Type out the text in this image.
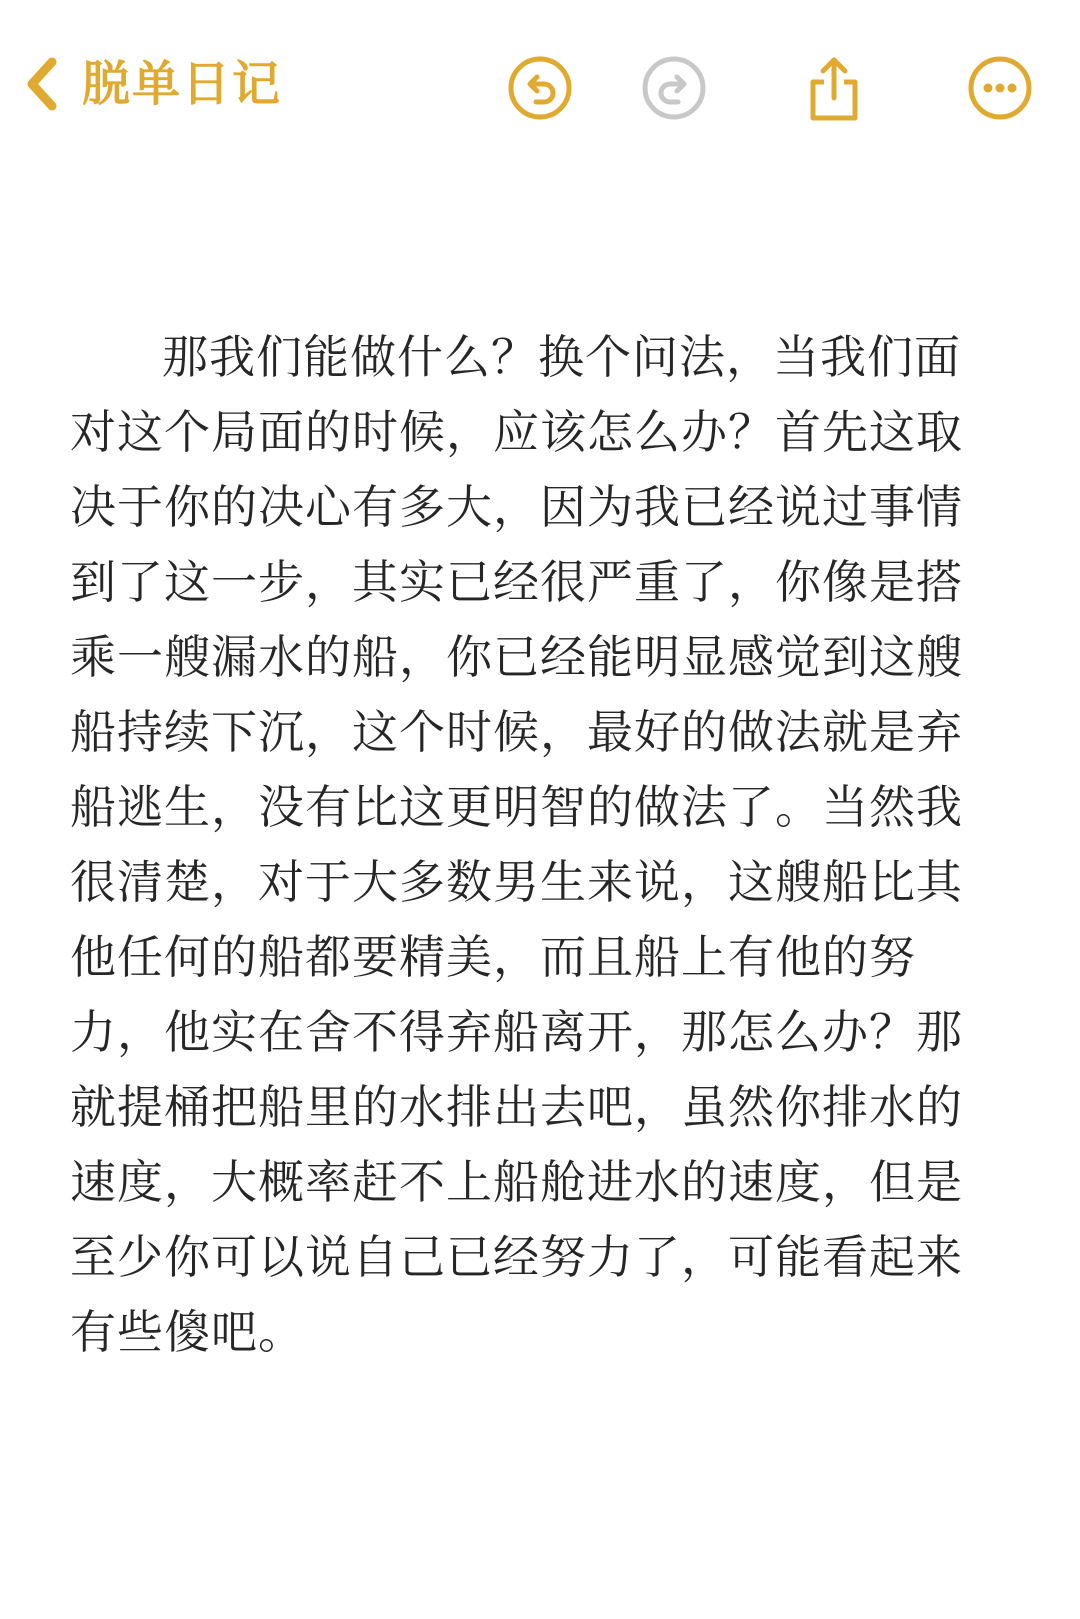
脱单日记

那我们能做什么？换个问法，当我们面对这个局面的时候，应该怎么办？首先这取决于你的决心有多大，因为我已经说过事情到了这一步，其实已经很严重了，你像是搭乘一艘漏水的船，你已经能明显感觉到这艘船持续下沉，这个时候，最好的做法就是弃船逃生，没有比这更明智的做法了。当然我很清楚，对于大多数男生来说，这艘船比其他任何的船都要精美，而且船上有他的努力，他实在舍不得弃船离开，那怎么办？那就提桶把船里的水排出去吧，虽然你排水的速度，大概率赶不上船舱进水的速度，但是至少你可以说自己已经努力了，可能看起来有些傻吧。
